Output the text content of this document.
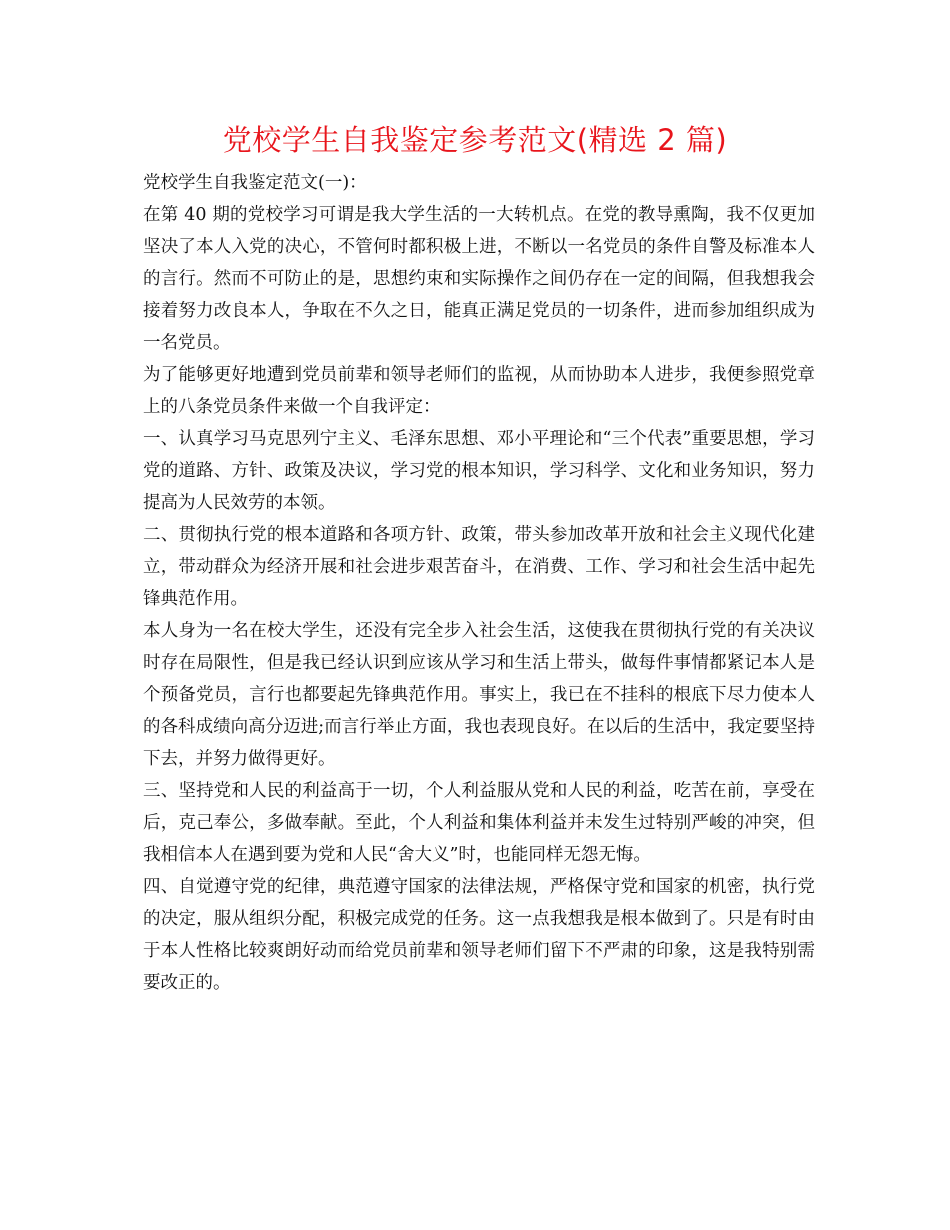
党校学生自我鉴定参考范文(精选 2 篇)

党校学生自我鉴定范文(一)：

在第 40 期的党校学习可谓是我大学生活的一大转机点。在党的教导熏陶，我不仅更加坚决了本人入党的决心，不管何时都积极上进，不断以一名党员的条件自警及标准本人的言行。然而不可防止的是，思想约束和实际操作之间仍存在一定的间隔，但我想我会接着努力改良本人，争取在不久之日，能真正满足党员的一切条件，进而参加组织成为一名党员。

为了能够更好地遭到党员前辈和领导老师们的监视，从而协助本人进步，我便参照党章上的八条党员条件来做一个自我评定：

一、认真学习马克思列宁主义、毛泽东思想、邓小平理论和“三个代表”重要思想，学习党的道路、方针、政策及决议，学习党的根本知识，学习科学、文化和业务知识，努力提高为人民效劳的本领。

二、贯彻执行党的根本道路和各项方针、政策，带头参加改革开放和社会主义现代化建立，带动群众为经济开展和社会进步艰苦奋斗，在消费、工作、学习和社会生活中起先锋典范作用。

本人身为一名在校大学生，还没有完全步入社会生活，这使我在贯彻执行党的有关决议时存在局限性，但是我已经认识到应该从学习和生活上带头，做每件事情都紧记本人是个预备党员，言行也都要起先锋典范作用。事实上，我已在不挂科的根底下尽力使本人的各科成绩向高分迈进;而言行举止方面，我也表现良好。在以后的生活中，我定要坚持下去，并努力做得更好。

三、坚持党和人民的利益高于一切，个人利益服从党和人民的利益，吃苦在前，享受在后，克己奉公，多做奉献。至此，个人利益和集体利益并未发生过特别严峻的冲突，但我相信本人在遇到要为党和人民“舍大义”时，也能同样无怨无悔。

四、自觉遵守党的纪律，典范遵守国家的法律法规，严格保守党和国家的机密，执行党的决定，服从组织分配，积极完成党的任务。这一点我想我是根本做到了。只是有时由于本人性格比较爽朗好动而给党员前辈和领导老师们留下不严肃的印象，这是我特别需要改正的。
